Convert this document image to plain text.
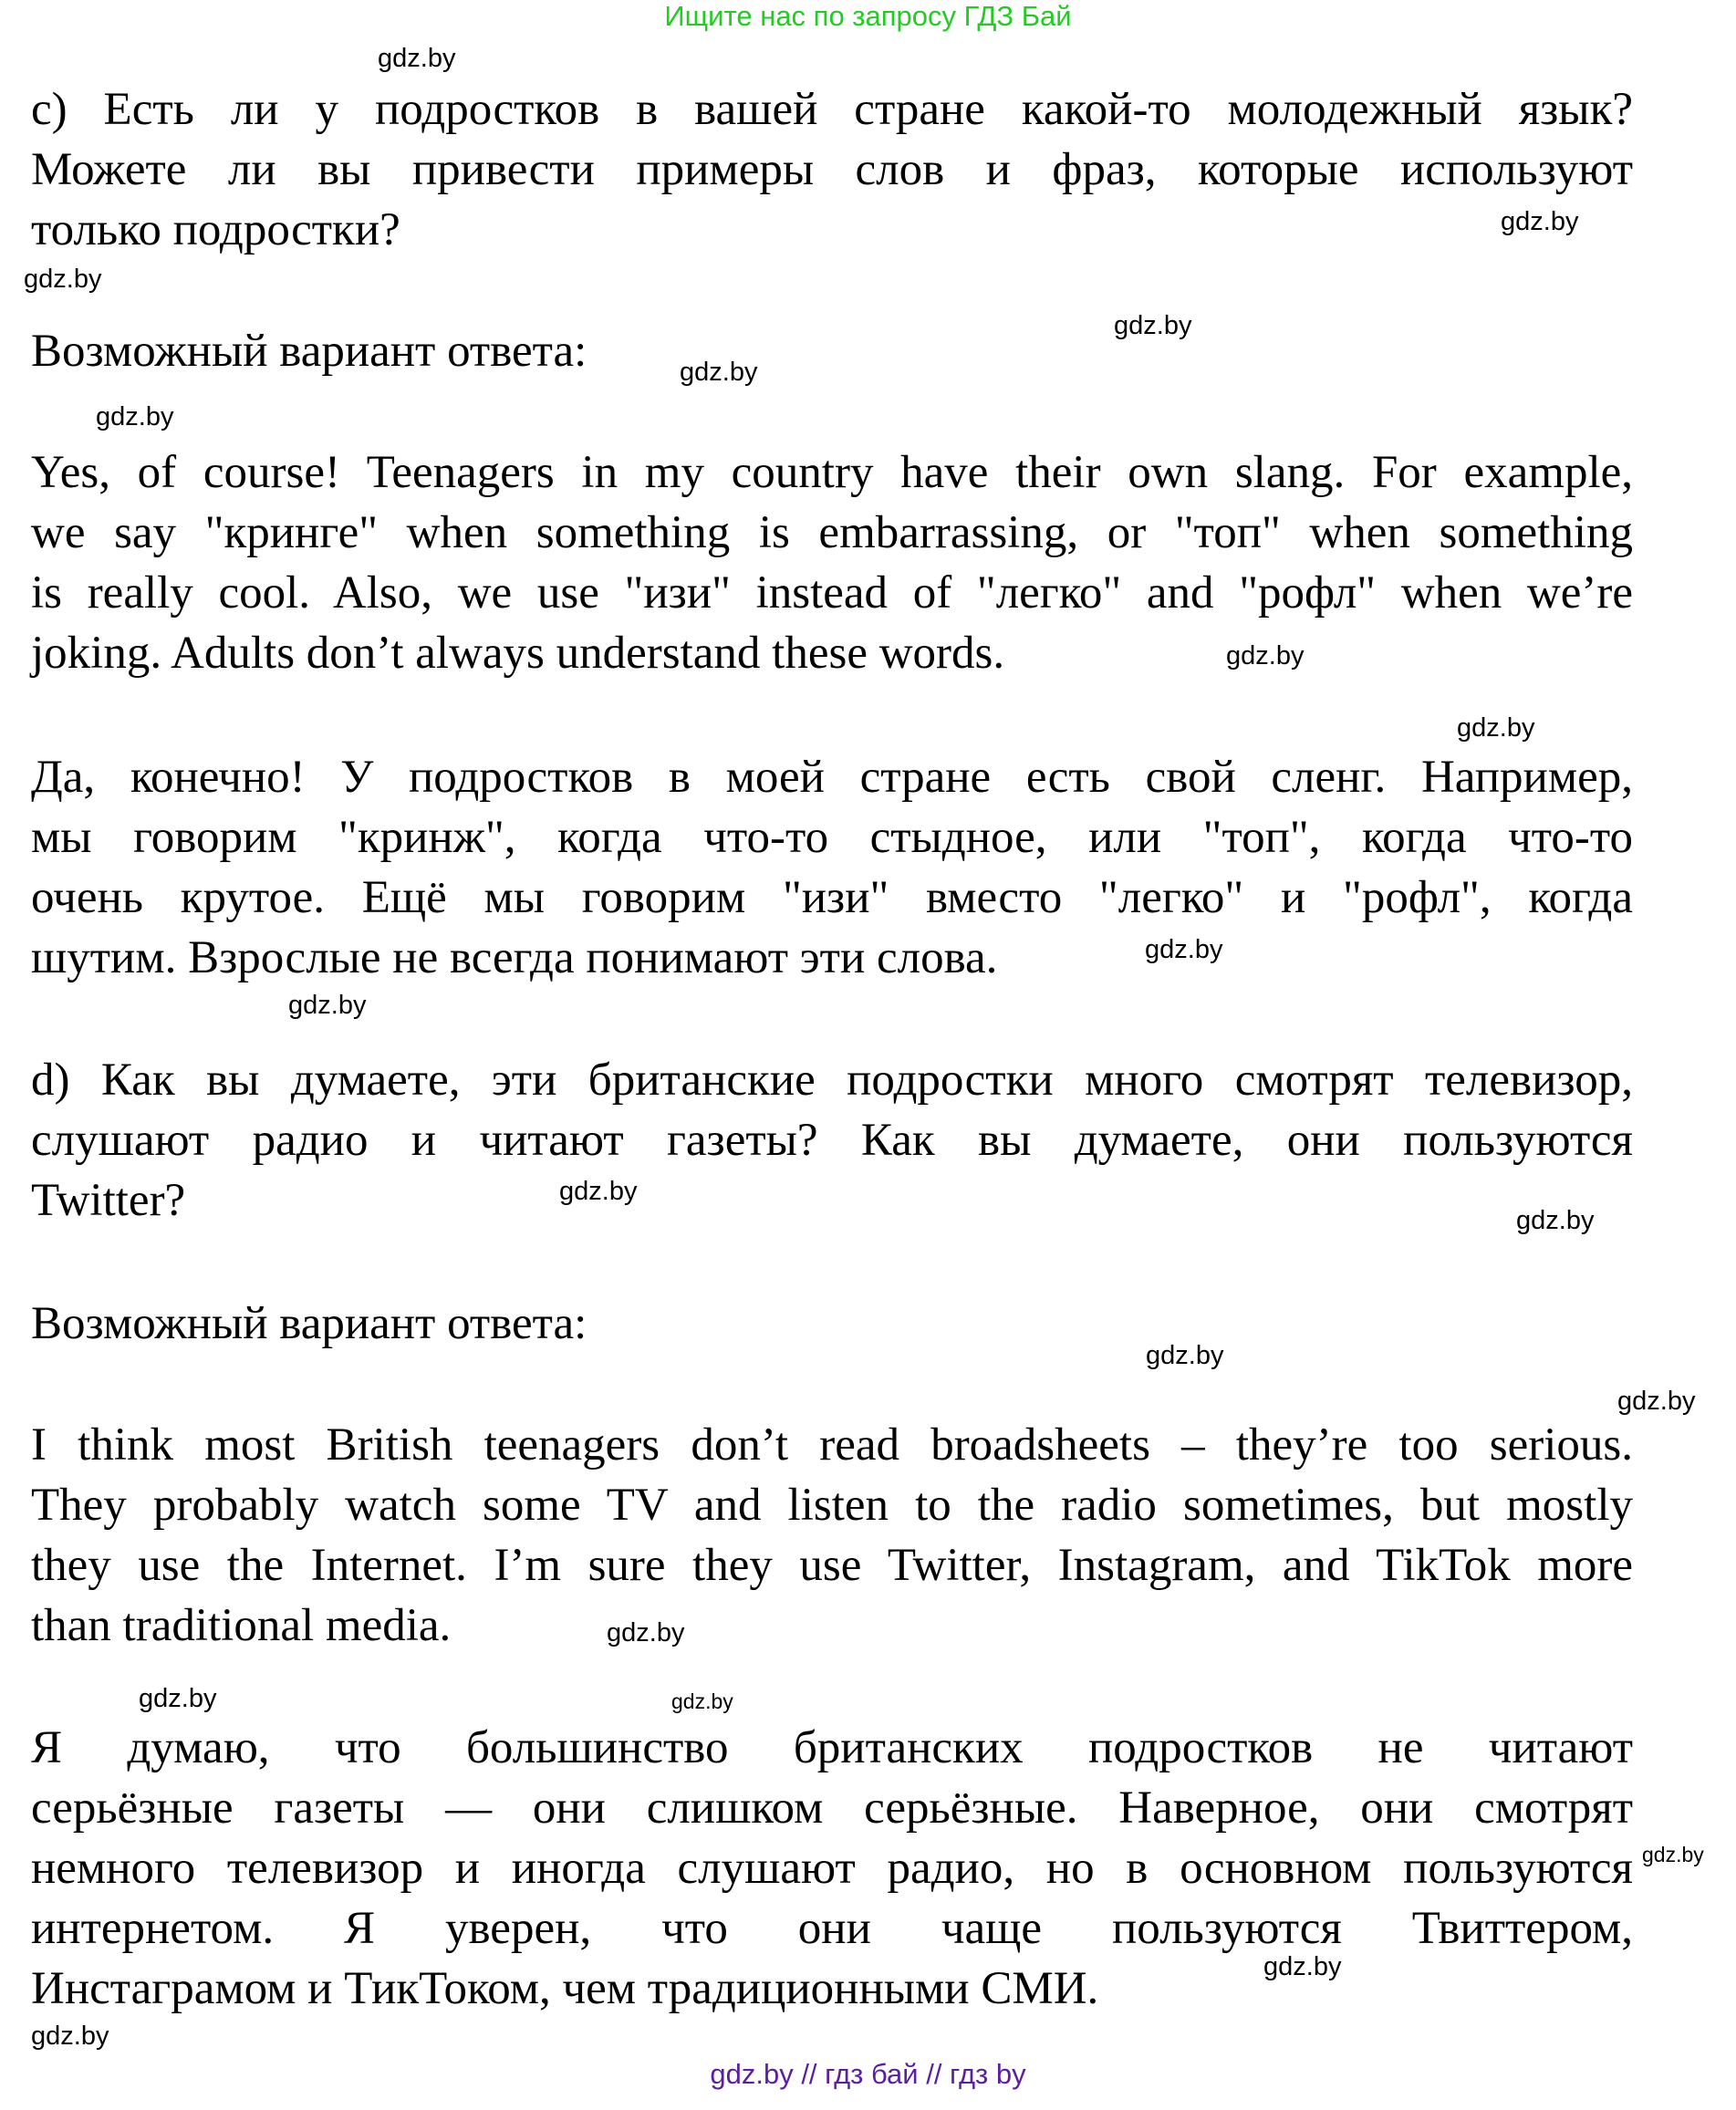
Ищите нас по запросу ГДЗ Бай
c) Есть ли у подростков в вашей стране какой-то молодежный язык?
Можете ли вы привести примеры слов и фраз, которые используют
только подростки?
Возможный вариант ответа:
Yes, of course! Teenagers in my country have their own slang. For example,
we say "кринге" when something is embarrassing, or "топ" when something
is really cool. Also, we use "изи" instead of "легко" and "рофл" when we’re
joking. Adults don’t always understand these words.
Да, конечно! У подростков в моей стране есть свой сленг. Например,
мы говорим "кринж", когда что-то стыдное, или "топ", когда что-то
очень крутое. Ещё мы говорим "изи" вместо "легко" и "рофл", когда
шутим. Взрослые не всегда понимают эти слова.
d) Как вы думаете, эти британские подростки много смотрят телевизор,
слушают радио и читают газеты? Как вы думаете, они пользуются
Twitter?
Возможный вариант ответа:
I think most British teenagers don’t read broadsheets – they’re too serious.
They probably watch some TV and listen to the radio sometimes, but mostly
they use the Internet. I’m sure they use Twitter, Instagram, and TikTok more
than traditional media.
Я думаю, что большинство британских подростков не читают
серьёзные газеты — они слишком серьёзные. Наверное, они смотрят
немного телевизор и иногда слушают радио, но в основном пользуются
интернетом. Я уверен, что они чаще пользуются Твиттером,
Инстаграмом и ТикТоком, чем традиционными СМИ.
gdz.by
gdz.by
gdz.by
gdz.by
gdz.by
gdz.by
gdz.by
gdz.by
gdz.by
gdz.by
gdz.by
gdz.by
gdz.by
gdz.by
gdz.by
gdz.by	gdz.by
gdz.by
gdz.by
gdz.by
gdz.by // гдз бай // гдз by
